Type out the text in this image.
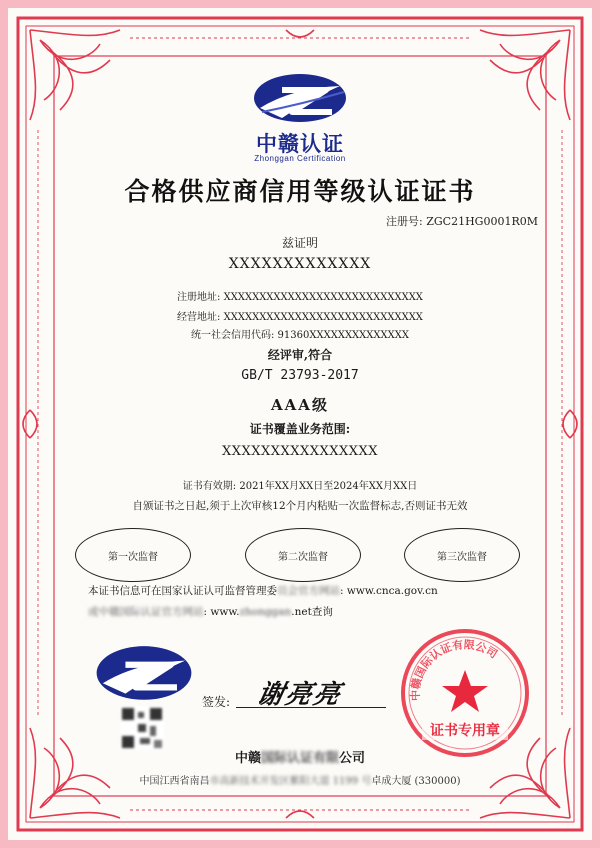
中赣认证
Zhonggan Certification
合格供应商信用等级认证证书
注册号: ZGC21HG0001R0M
兹证明
XXXXXXXXXXXXX
注册地址: XXXXXXXXXXXXXXXXXXXXXXXXXXXX
经营地址: XXXXXXXXXXXXXXXXXXXXXXXXXXXX
统一社会信用代码: 91360XXXXXXXXXXXXXX
经评审,符合
GB/T 23793-2017
AAA级
证书覆盖业务范围:
XXXXXXXXXXXXXXXX
证书有效期: 2021年XX月XX日至2024年XX月XX日
自颁证书之日起,须于上次审核12个月内粘贴一次监督标志,否则证书无效
第一次监督	第二次监督	第三次监督
本证书信息可在国家认证认可监督管理委员会官方网站: www.cnca.gov.cn
或中赣国际认证官方网站: www.zhonggan.net查询
签发: 谢亮亮	中赣国际认证有限公司
证书专用章
中赣国际认证有限公司
中国江西省南昌市高新技术开发区紫阳大道 1199 号卓成大厦 (330000)
